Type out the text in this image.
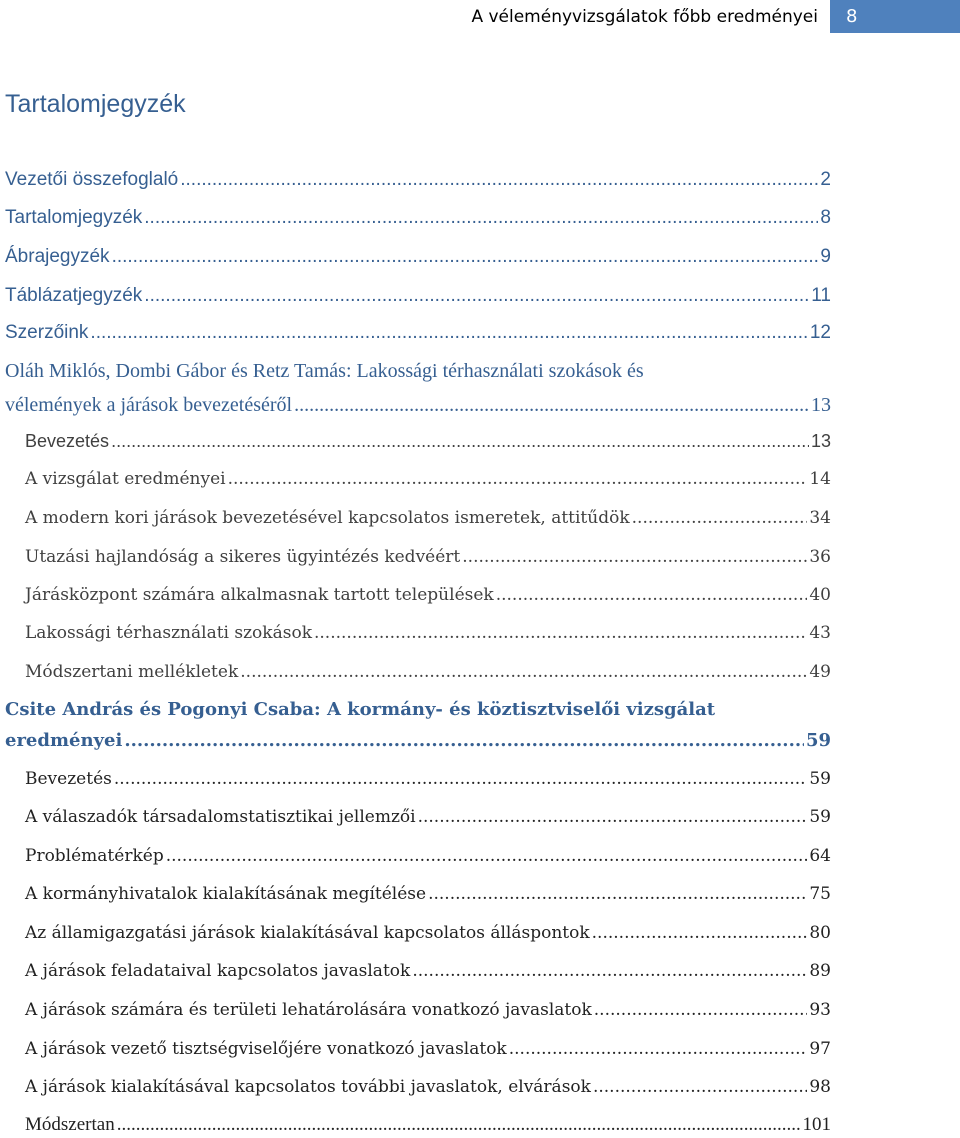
A véleményvizsgálatok főbb eredményei	8
Tartalomjegyzék
Vezetői összefoglaló .....	2
Tartalomjegyzék .....	8
Ábrajegyzék .....	9
Táblázatjegyzék .....	11
Szerzőink .....	12
Oláh Miklós, Dombi Gábor és Retz Tamás: Lakossági térhasználati szokások és
vélemények a járások bevezetéséről .....	13
Bevezetés .....	13
A vizsgálat eredményei .....	14
A modern kori járások bevezetésével kapcsolatos ismeretek, attitűdök .....	34
Utazási hajlandóság a sikeres ügyintézés kedvéért .....	36
Járásközpont számára alkalmasnak tartott települések .....	40
Lakossági térhasználati szokások .....	43
Módszertani mellékletek .....	49
Csite András és Pogonyi Csaba: A kormány- és köztisztviselői vizsgálat
eredményei .....	59
Bevezetés .....	59
A válaszadók társadalomstatisztikai jellemzői .....	59
Problématérkép .....	64
A kormányhivatalok kialakításának megítélése .....	75
Az államigazgatási járások kialakításával kapcsolatos álláspontok .....	80
A járások feladataival kapcsolatos javaslatok .....	89
A járások számára és területi lehatárolására vonatkozó javaslatok .....	93
A járások vezető tisztségviselőjére vonatkozó javaslatok .....	97
A járások kialakításával kapcsolatos további javaslatok, elvárások .....	98
Módszertan .....	101
